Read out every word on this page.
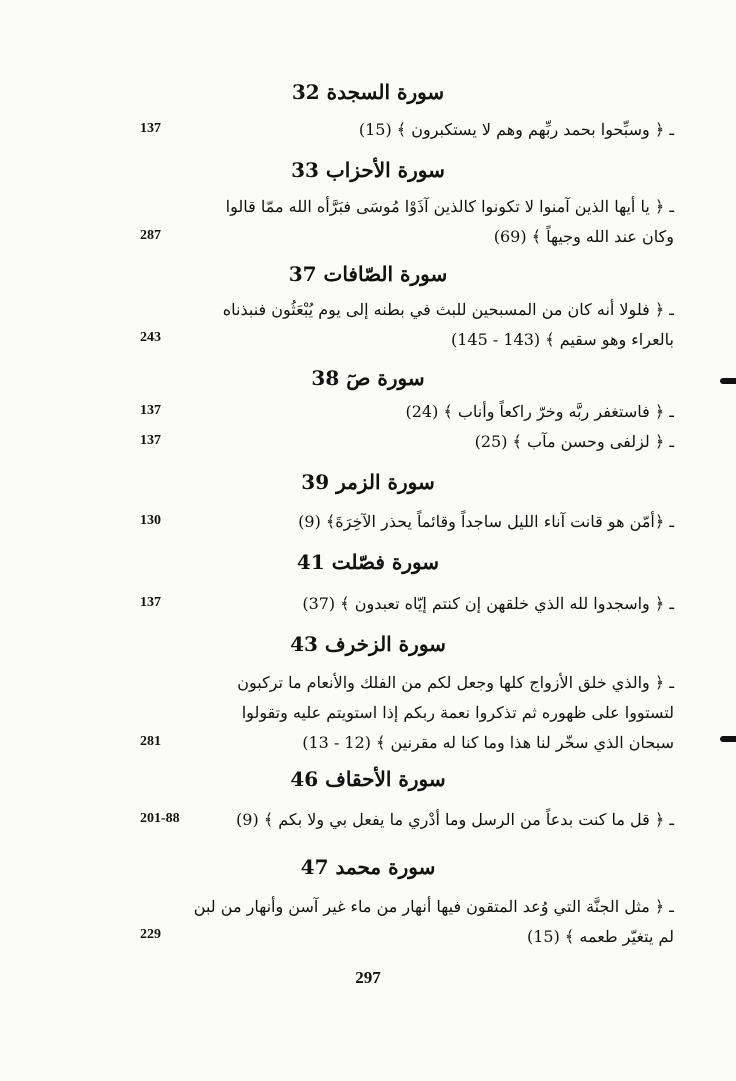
سورة السجدة 32
ـ ﴿ وسبِّحوا بحمد ربِّهم وهم لا يستكبرون ﴾ (15)
137
سورة الأحزاب 33
ـ ﴿ يا أيها الذين آمنوا لا تكونوا كالذين آذَوْا مُوسَى فبَرَّأه الله ممّا قالوا
وكان عند الله وجيهاً ﴾ (69)
287
سورة الصّافات 37
ـ ﴿ فلولا أنه كان من المسبحين للبث في بطنه إلى يوم يُبْعَثُون فنبذناه
بالعراء وهو سقيم ﴾ (143 - 145)
243
سورة صٓ 38
ـ ﴿ فاستغفر ربَّه وخرّ راكعاً وأناب ﴾ (24)
137
ـ ﴿ لزلفى وحسن مآب ﴾ (25)
137
سورة الزمر 39
ـ ﴿أمّن هو قانت آناء الليل ساجداً وقائماً يحذر الآخِرَةَ﴾ (9)
130
سورة فصّلت 41
ـ ﴿ واسجدوا لله الذي خلقهن إن كنتم إيّاه تعبدون ﴾ (37)
137
سورة الزخرف 43
ـ ﴿ والذي خلق الأزواج كلها وجعل لكم من الفلك والأنعام ما تركبون
لتستووا على ظهوره ثم تذكروا نعمة ربكم إذا استويتم عليه وتقولوا
سبحان الذي سخّر لنا هذا وما كنا له مقرنين ﴾ (12 - 13)
281
سورة الأحقاف 46
ـ ﴿ قل ما كنت بدعاً من الرسل وما أدْري ما يفعل بي ولا بكم ﴾ (9)
201-88
سورة محمد 47
ـ ﴿ مثل الجنَّة التي وُعد المتقون فيها أنهار من ماء غير آسن وأنهار من لبن
لم يتغيّر طعمه ﴾ (15)
229
297
